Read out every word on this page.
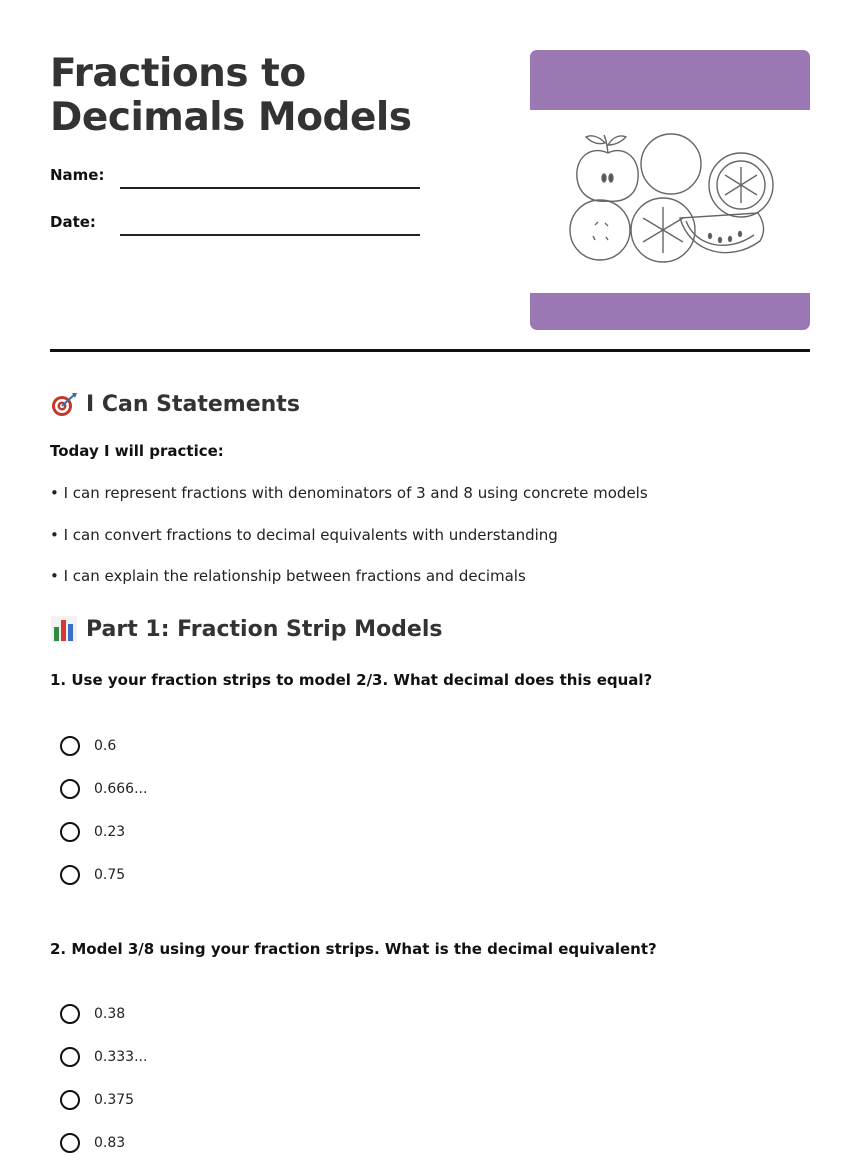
Fractions to Decimals Models
Name:
Date:
I Can Statements
Today I will practice:
• I can represent fractions with denominators of 3 and 8 using concrete models
• I can convert fractions to decimal equivalents with understanding
• I can explain the relationship between fractions and decimals
Part 1: Fraction Strip Models
1. Use your fraction strips to model 2/3. What decimal does this equal?
0.6
0.666...
0.23
0.75
2. Model 3/8 using your fraction strips. What is the decimal equivalent?
0.38
0.333...
0.375
0.83
